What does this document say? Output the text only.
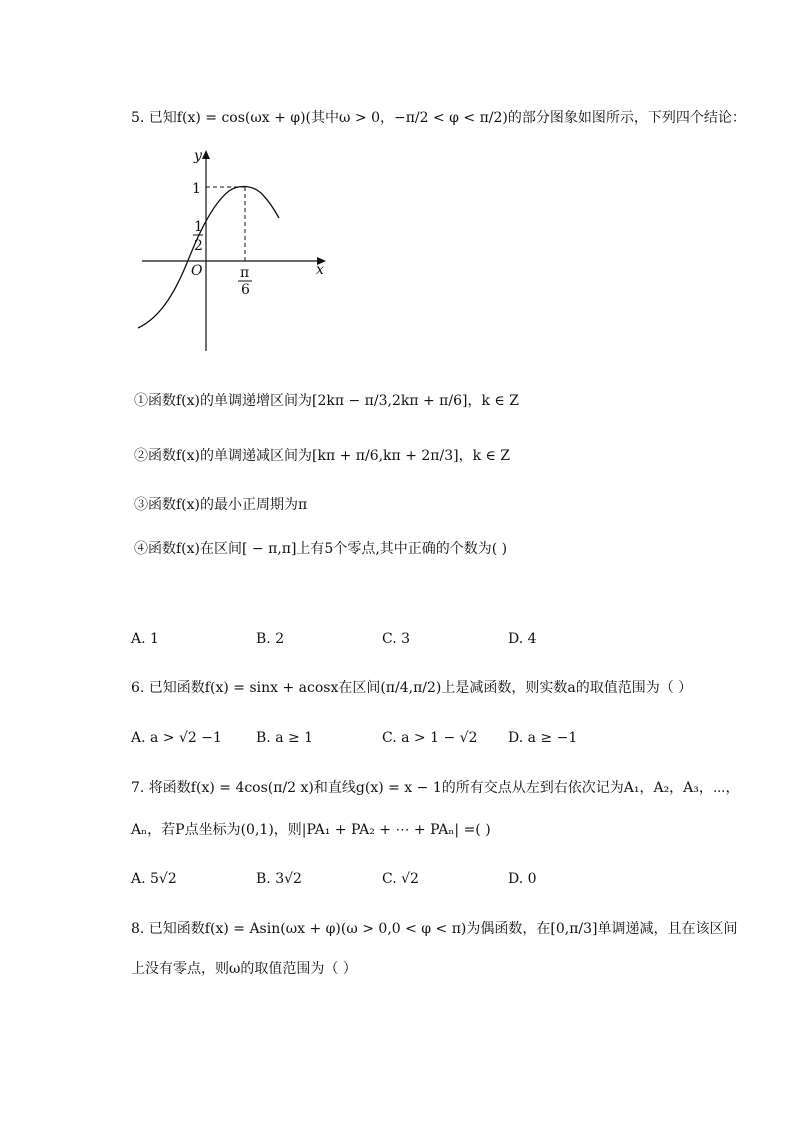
5. 已知f(x) = cos(ωx + φ)(其中ω > 0，−π/2 < φ < π/2)的部分图象如图所示，下列四个结论：
y
x
O
1
1
2
π
6
①函数f(x)的单调递增区间为[2kπ − π/3,2kπ + π/6]，k ∈ Z
②函数f(x)的单调递减区间为[kπ + π/6,kπ + 2π/3]，k ∈ Z
③函数f(x)的最小正周期为π
④函数f(x)在区间[ − π,π]上有5个零点,其中正确的个数为( )
A. 1	B. 2	C. 3	D. 4
6. 已知函数f(x) = sinx + acosx在区间(π/4,π/2)上是减函数，则实数a的取值范围为（ ）
A. a > √2 −1 B. a ≥ 1	C. a > 1 − √2 D. a ≥ −1
7. 将函数f(x) = 4cos(π/2 x)和直线g(x) = x − 1的所有交点从左到右依次记为A₁，A₂，A₃，⋯，
Aₙ，若P点坐标为(0,1)，则|PA₁ + PA₂ + ⋯ + PAₙ| =( )
A. 5√2	B. 3√2	C. √2	D. 0
8. 已知函数f(x) = Asin(ωx + φ)(ω > 0,0 < φ < π)为偶函数，在[0,π/3]单调递减，且在该区间
上没有零点，则ω的取值范围为（ ）
